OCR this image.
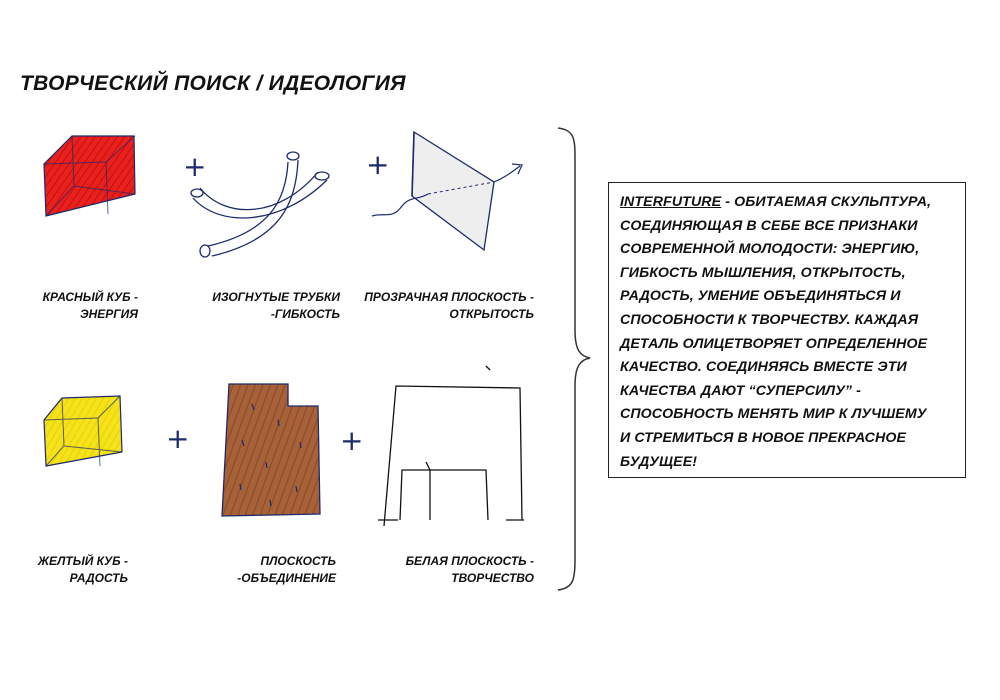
ТВОРЧЕСКИЙ ПОИСК / ИДЕОЛОГИЯ
+	+
+	+
КРАСНЫЙ КУБ -
ЭНЕРГИЯ
ИЗОГНУТЫЕ ТРУБКИ
-ГИБКОСТЬ
ПРОЗРАЧНАЯ ПЛОСКОСТЬ -
ОТКРЫТОСТЬ
ЖЕЛТЫЙ КУБ -
РАДОСТЬ
ПЛОСКОСТЬ
-ОБЪЕДИНЕНИЕ
БЕЛАЯ ПЛОСКОСТЬ -
ТВОРЧЕСТВО
INTERFUTURE - ОБИТАЕМАЯ СКУЛЬПТУРА,
СОЕДИНЯЮЩАЯ В СЕБЕ ВСЕ ПРИЗНАКИ
СОВРЕМЕННОЙ МОЛОДОСТИ: ЭНЕРГИЮ,
ГИБКОСТЬ МЫШЛЕНИЯ, ОТКРЫТОСТЬ,
РАДОСТЬ, УМЕНИЕ ОБЪЕДИНЯТЬСЯ И
СПОСОБНОСТИ К ТВОРЧЕСТВУ. КАЖДАЯ
ДЕТАЛЬ ОЛИЦЕТВОРЯЕТ ОПРЕДЕЛЕННОЕ
КАЧЕСТВО. СОЕДИНЯЯСЬ ВМЕСТЕ ЭТИ
КАЧЕСТВА ДАЮТ “СУПЕРСИЛУ” -
СПОСОБНОСТЬ МЕНЯТЬ МИР К ЛУЧШЕМУ
И СТРЕМИТЬСЯ В НОВОЕ ПРЕКРАСНОЕ
БУДУЩЕЕ!
